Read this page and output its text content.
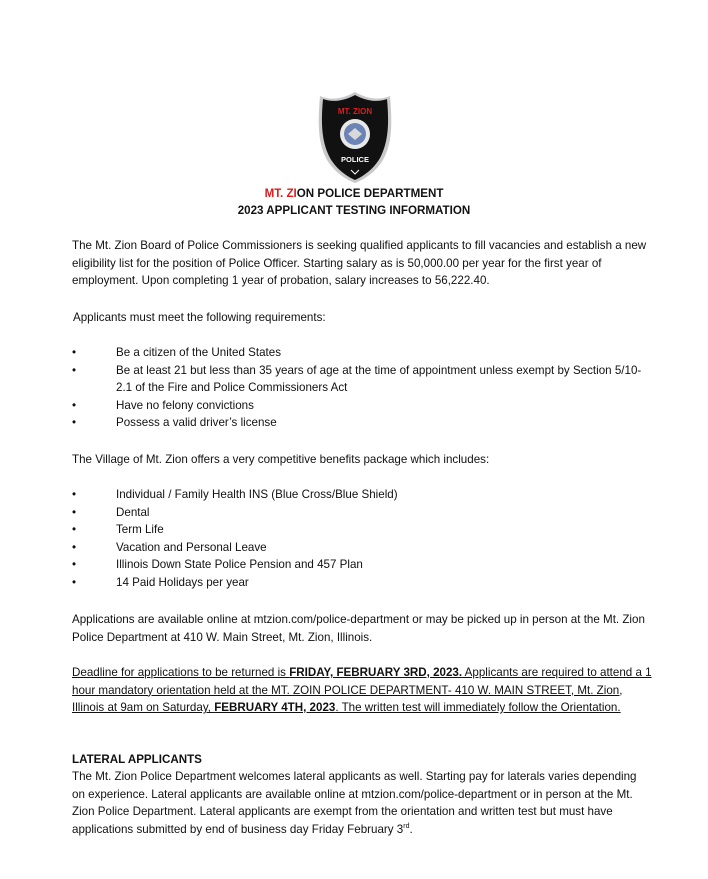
MT. ZION
POLICE
MT. ZION POLICE DEPARTMENT
2023 APPLICANT TESTING INFORMATION

The Mt. Zion Board of Police Commissioners is seeking qualified applicants to fill vacancies and establish a new eligibility list for the position of Police Officer. Starting salary as is 50,000.00 per year for the first year of employment. Upon completing 1 year of probation, salary increases to 56,222.40.

Applicants must meet the following requirements:

•	Be a citizen of the United States
•	Be at least 21 but less than 35 years of age at the time of appointment unless exempt by Section 5/10-2.1 of the Fire and Police Commissioners Act
•	Have no felony convictions
•	Possess a valid driver’s license

The Village of Mt. Zion offers a very competitive benefits package which includes:

•	Individual / Family Health INS (Blue Cross/Blue Shield)
•	Dental
•	Term Life
•	Vacation and Personal Leave
•	Illinois Down State Police Pension and 457 Plan
•	14 Paid Holidays per year

Applications are available online at mtzion.com/police-department or may be picked up in person at the Mt. Zion Police Department at 410 W. Main Street, Mt. Zion, Illinois.

Deadline for applications to be returned is FRIDAY, FEBRUARY 3RD, 2023. Applicants are required to attend a 1 hour mandatory orientation held at the MT. ZOIN POLICE DEPARTMENT- 410 W. MAIN STREET, Mt. Zion, Illinois at 9am on Saturday, FEBRUARY 4TH, 2023. The written test will immediately follow the Orientation.

LATERAL APPLICANTS

The Mt. Zion Police Department welcomes lateral applicants as well. Starting pay for laterals varies depending on experience. Lateral applicants are available online at mtzion.com/police-department or in person at the Mt. Zion Police Department. Lateral applicants are exempt from the orientation and written test but must have applications submitted by end of business day Friday February 3rd.
